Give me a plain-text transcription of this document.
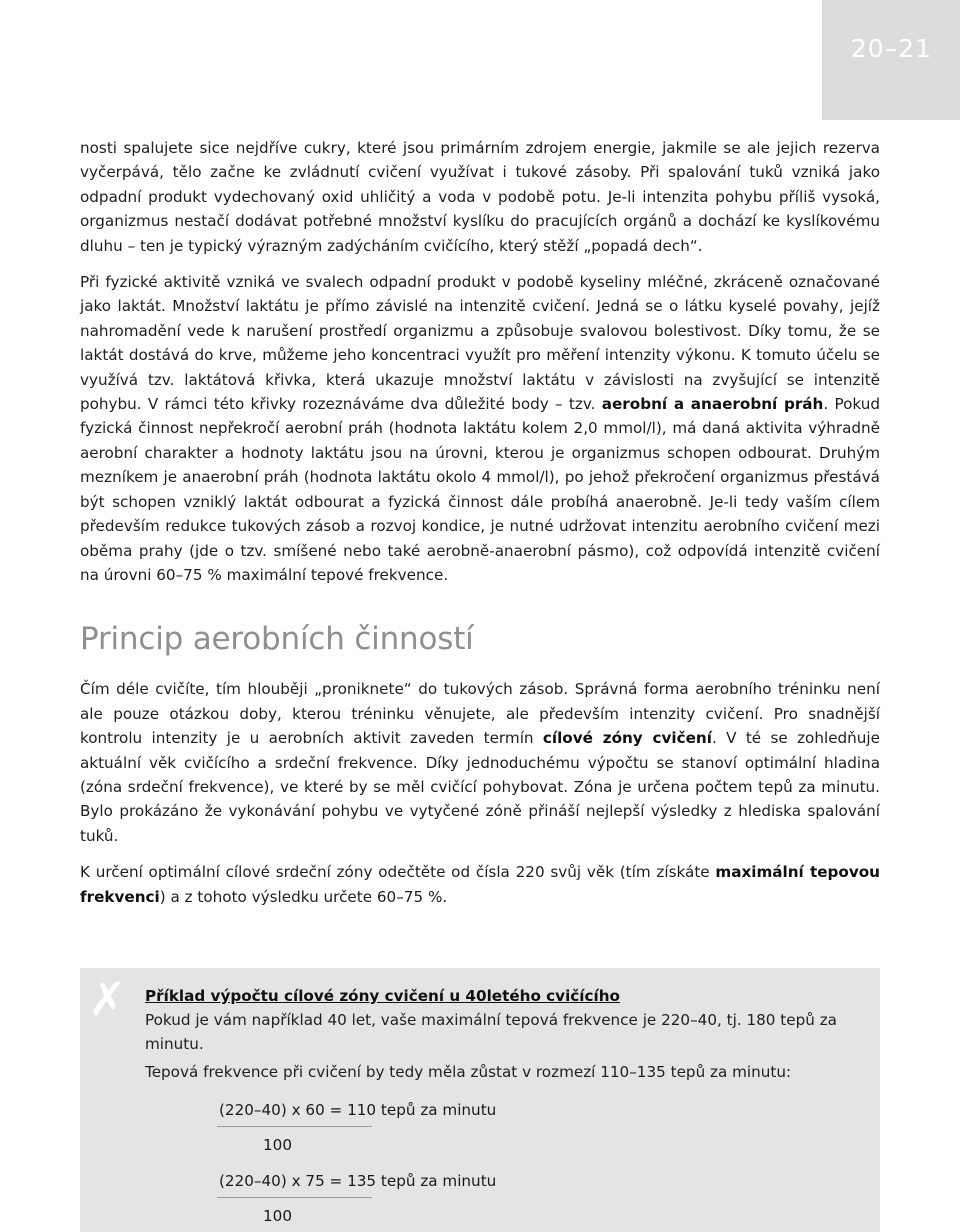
20–21

nosti spalujete sice nejdříve cukry, které jsou primárním zdrojem energie, jakmile se ale jejich rezerva vyčerpává, tělo začne ke zvládnutí cvičení využívat i tukové zásoby. Při spalování tuků vzniká jako odpadní produkt vydechovaný oxid uhličitý a voda v podobě potu. Je-li intenzita pohybu příliš vysoká, organizmus nestačí dodávat potřebné množství kyslíku do pracujících orgánů a dochází ke kyslíkovému dluhu – ten je typický výrazným zadýcháním cvičícího, který stěží „popadá dech“.

Při fyzické aktivitě vzniká ve svalech odpadní produkt v podobě kyseliny mléčné, zkráceně označované jako laktát. Množství laktátu je přímo závislé na intenzitě cvičení. Jedná se o látku kyselé povahy, jejíž nahromadění vede k narušení prostředí organizmu a způsobuje svalovou bolestivost. Díky tomu, že se laktát dostává do krve, můžeme jeho koncentraci využít pro měření intenzity výkonu. K tomuto účelu se využívá tzv. laktátová křivka, která ukazuje množství laktátu v závislosti na zvyšující se intenzitě pohybu. V rámci této křivky rozeznáváme dva důležité body – tzv. aerobní a anaerobní práh. Pokud fyzická činnost nepřekročí aerobní práh (hodnota laktátu kolem 2,0 mmol/l), má daná aktivita výhradně aerobní charakter a hodnoty laktátu jsou na úrovni, kterou je organizmus schopen odbourat. Druhým mezníkem je anaerobní práh (hodnota laktátu okolo 4 mmol/l), po jehož překročení organizmus přestává být schopen vzniklý laktát odbourat a fyzická činnost dále probíhá anaerobně. Je-li tedy vaším cílem především redukce tukových zásob a rozvoj kondice, je nutné udržovat intenzitu aerobního cvičení mezi oběma prahy (jde o tzv. smíšené nebo také aerobně-anaerobní pásmo), což odpovídá intenzitě cvičení na úrovni 60–75 % maximální tepové frekvence.

Princip aerobních činností

Čím déle cvičíte, tím hlouběji „proniknete“ do tukových zásob. Správná forma aerobního tréninku není ale pouze otázkou doby, kterou tréninku věnujete, ale především intenzity cvičení. Pro snadnější kontrolu intenzity je u aerobních aktivit zaveden termín cílové zóny cvičení. V té se zohledňuje aktuální věk cvičícího a srdeční frekvence. Díky jednoduchému výpočtu se stanoví optimální hladina (zóna srdeční frekvence), ve které by se měl cvičící pohybovat. Zóna je určena počtem tepů za minutu. Bylo prokázáno že vykonávání pohybu ve vytyčené zóně přináší nejlepší výsledky z hlediska spalování tuků.

K určení optimální cílové srdeční zóny odečtěte od čísla 220 svůj věk (tím získáte maximální tepovou frekvenci) a z tohoto výsledku určete 60–75 %.

✗ Příklad výpočtu cílové zóny cvičení u 40letého cvičícího

Pokud je vám například 40 let, vaše maximální tepová frekvence je 220–40, tj. 180 tepů za minutu.

Tepová frekvence při cvičení by tedy měla zůstat v rozmezí 110–135 tepů za minutu:

(220–40) x 60 = 110 tepů za minutu
100
(220–40) x 75 = 135 tepů za minutu
100
